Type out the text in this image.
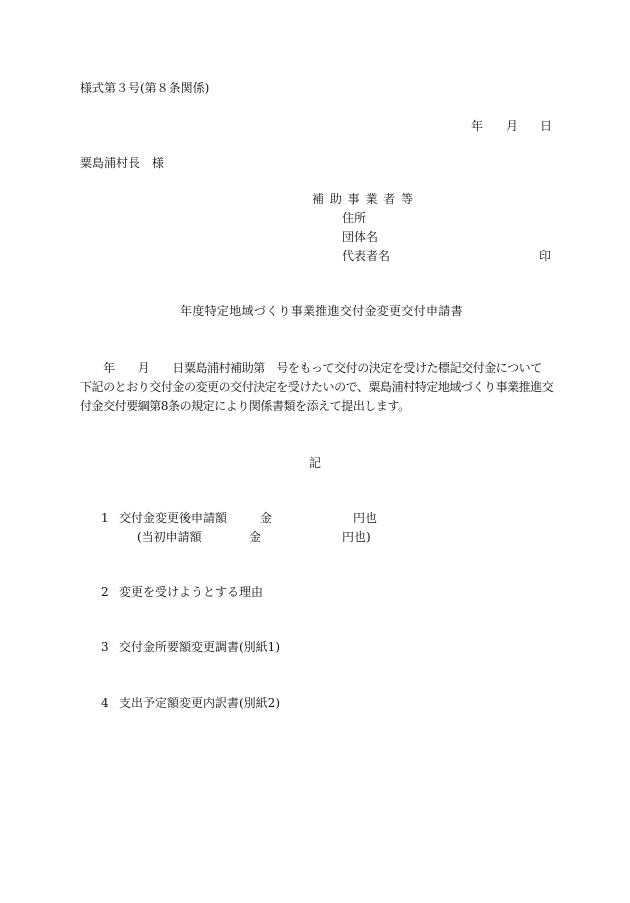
様式第３号(第８条関係)
年 月 日
粟島浦村長　様
補 助 事 業 者 等
住所
団体名
代表者名	印
年度特定地域づくり事業推進交付金変更交付申請書
　　年　　月　　日粟島浦村補助第　号をもって交付の決定を受けた標記交付金について
下記のとおり交付金の変更の交付決定を受けたいので、粟島浦村特定地域づくり事業推進交
付金交付要綱第8条の規定により関係書類を添えて提出します。
記
1 交付金変更後申請額	金	円也
(当初申請額	金	円也)
2 変更を受けようとする理由
3 交付金所要額変更調書(別紙1)
4 支出予定額変更内訳書(別紙2)
